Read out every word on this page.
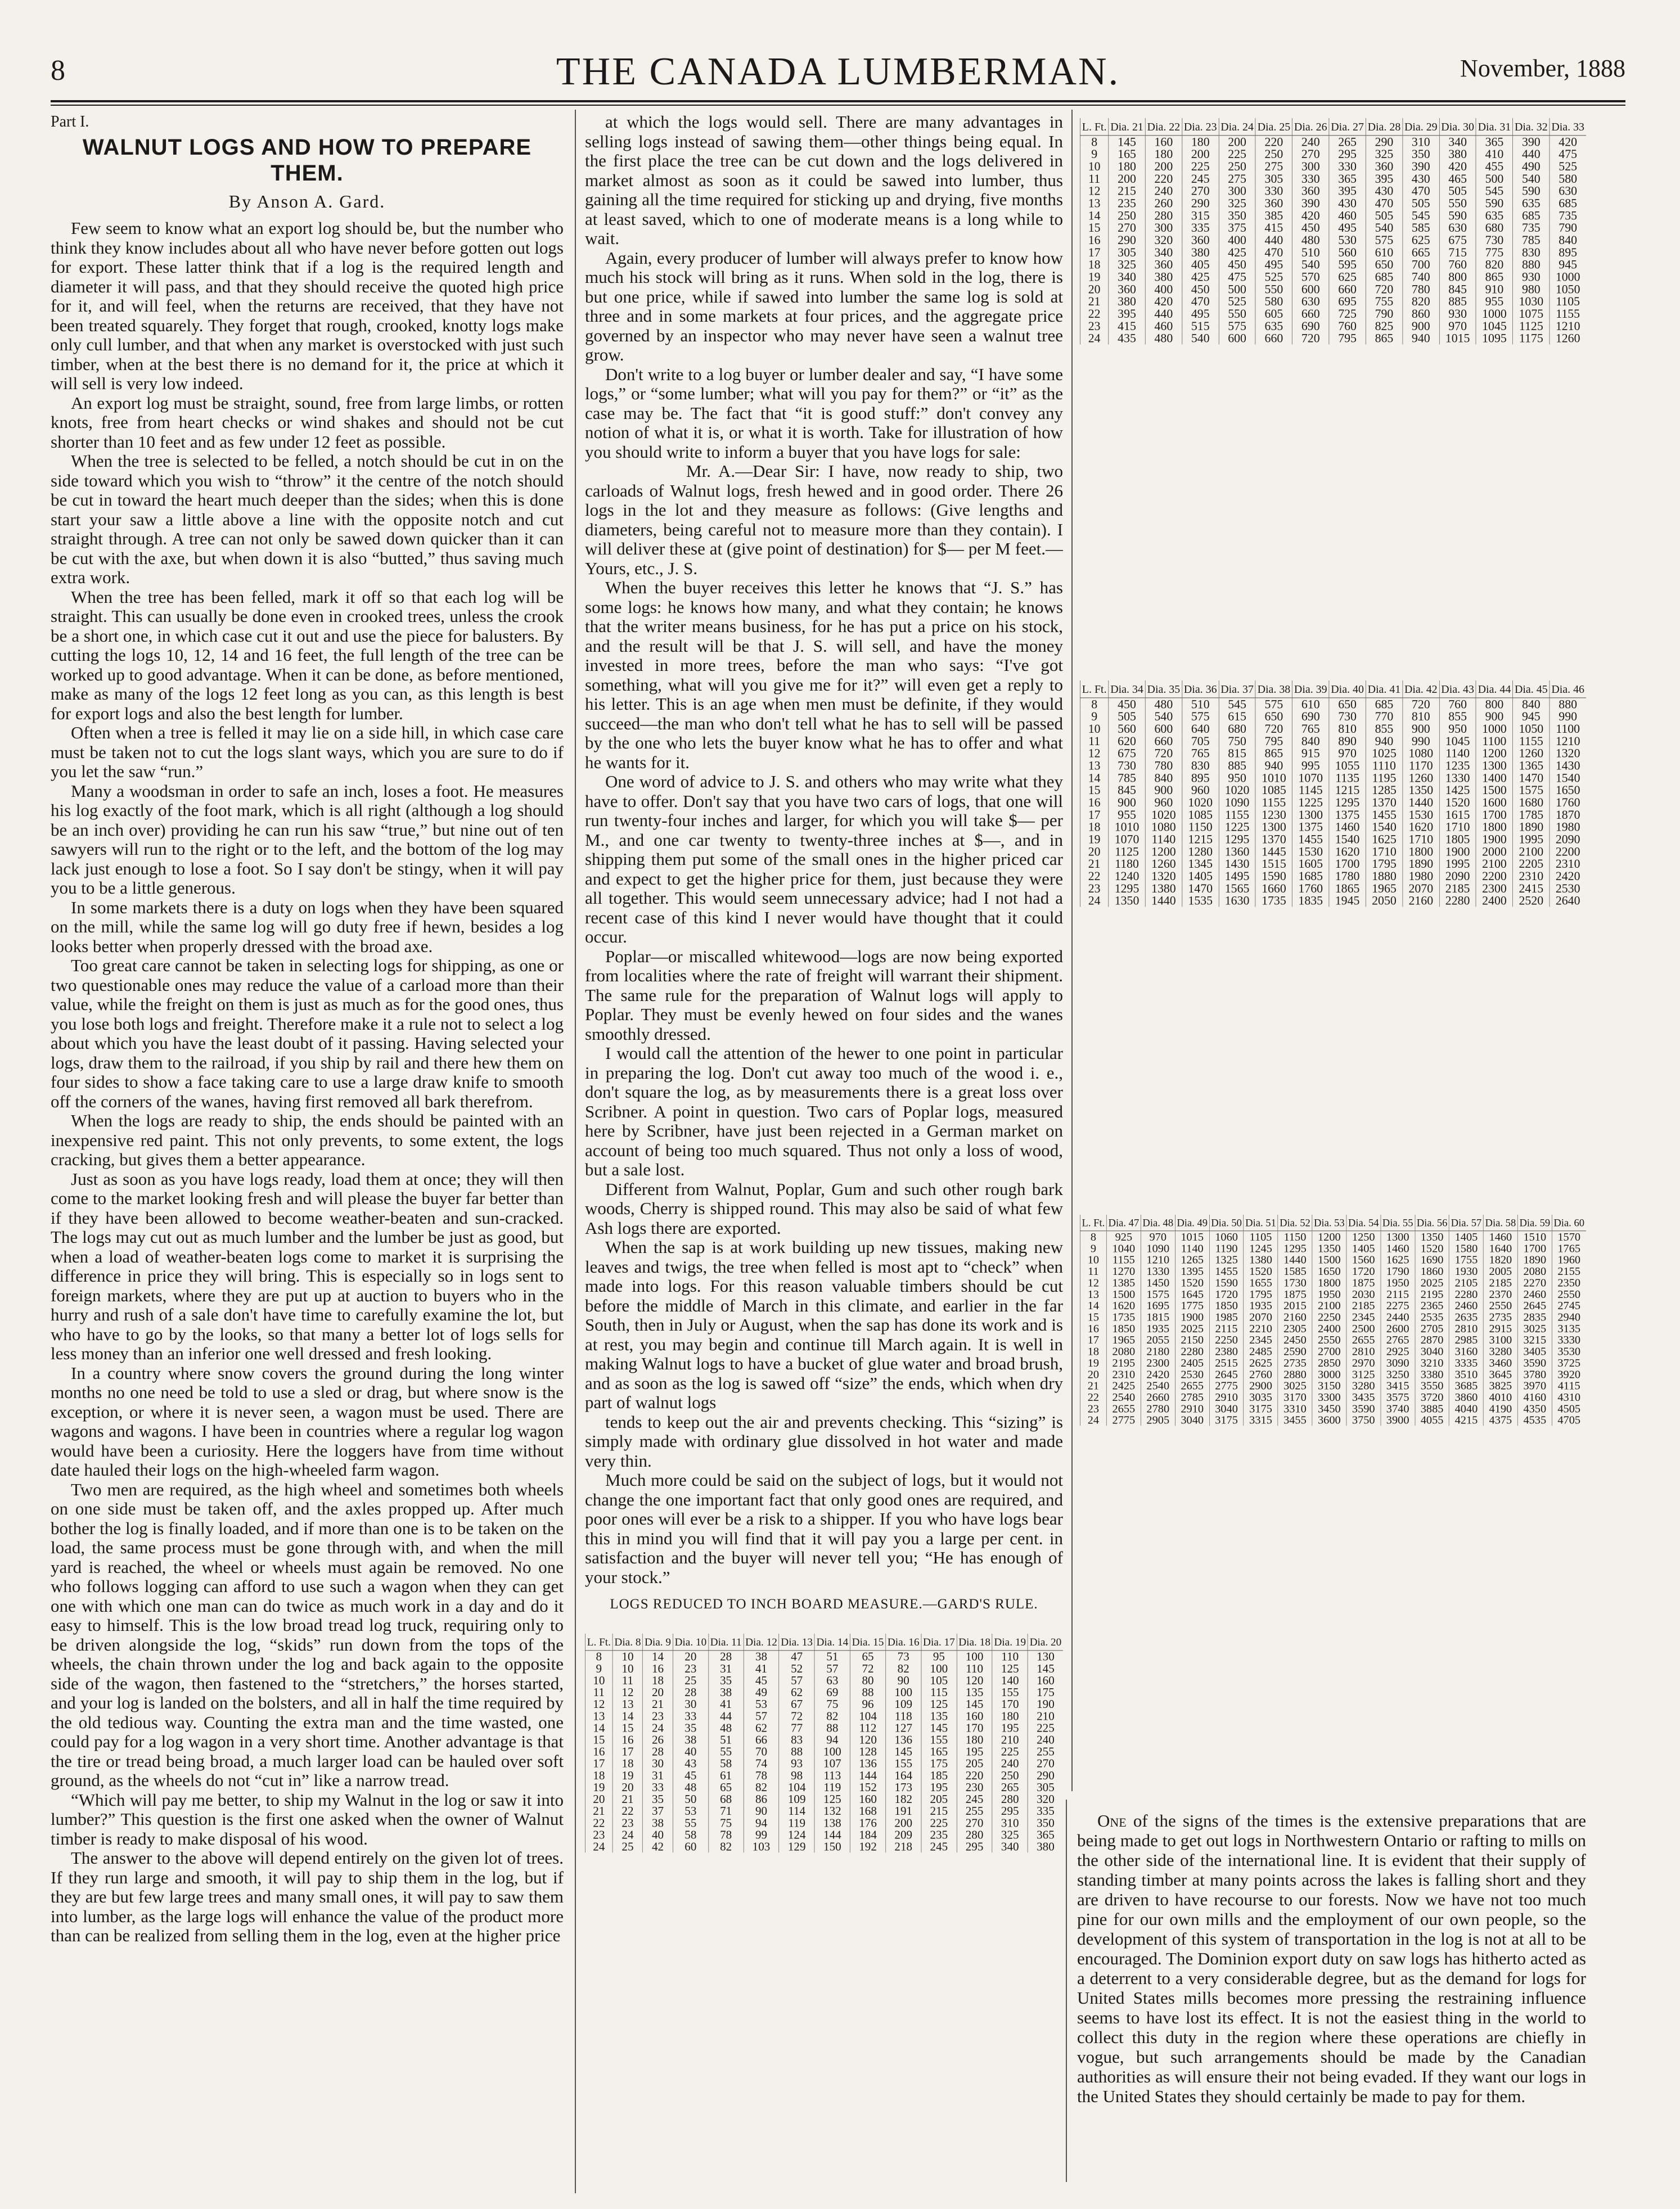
8	THE CANADA LUMBERMAN.	November, 1888
Part I.
WALNUT LOGS AND HOW TO PREPARE
THEM.
By Anson A. Gard.

Few seem to know what an export log should be, but the number who think they know includes about all who have never before gotten out logs for export. These latter think that if a log is the required length and diameter it will pass, and that they should receive the quoted high price for it, and will feel, when the returns are received, that they have not been treated squarely. They forget that rough, crooked, knotty logs make only cull lumber, and that when any market is overstocked with just such timber, when at the best there is no demand for it, the price at which it will sell is very low indeed.

An export log must be straight, sound, free from large limbs, or rotten knots, free from heart checks or wind shakes and should not be cut shorter than 10 feet and as few under 12 feet as possible.

When the tree is selected to be felled, a notch should be cut in on the side toward which you wish to “throw” it the centre of the notch should be cut in toward the heart much deeper than the sides; when this is done start your saw a little above a line with the opposite notch and cut straight through. A tree can not only be sawed down quicker than it can be cut with the axe, but when down it is also “butted,” thus saving much extra work.

When the tree has been felled, mark it off so that each log will be straight. This can usually be done even in crooked trees, unless the crook be a short one, in which case cut it out and use the piece for balusters. By cutting the logs 10, 12, 14 and 16 feet, the full length of the tree can be worked up to good advantage. When it can be done, as before mentioned, make as many of the logs 12 feet long as you can, as this length is best for export logs and also the best length for lumber.

Often when a tree is felled it may lie on a side hill, in which case care must be taken not to cut the logs slant ways, which you are sure to do if you let the saw “run.”

Many a woodsman in order to safe an inch, loses a foot. He measures his log exactly of the foot mark, which is all right (although a log should be an inch over) providing he can run his saw “true,” but nine out of ten sawyers will run to the right or to the left, and the bottom of the log may lack just enough to lose a foot. So I say don't be stingy, when it will pay you to be a little generous.

In some markets there is a duty on logs when they have been squared on the mill, while the same log will go duty free if hewn, besides a log looks better when properly dressed with the broad axe.

Too great care cannot be taken in selecting logs for shipping, as one or two questionable ones may reduce the value of a carload more than their value, while the freight on them is just as much as for the good ones, thus you lose both logs and freight. Therefore make it a rule not to select a log about which you have the least doubt of it passing. Having selected your logs, draw them to the railroad, if you ship by rail and there hew them on four sides to show a face taking care to use a large draw knife to smooth off the corners of the wanes, having first removed all bark therefrom.

When the logs are ready to ship, the ends should be painted with an inexpensive red paint. This not only prevents, to some extent, the logs cracking, but gives them a better appearance.

Just as soon as you have logs ready, load them at once; they will then come to the market looking fresh and will please the buyer far better than if they have been allowed to become weather-beaten and sun-cracked. The logs may cut out as much lumber and the lumber be just as good, but when a load of weather-beaten logs come to market it is surprising the difference in price they will bring. This is especially so in logs sent to foreign markets, where they are put up at auction to buyers who in the hurry and rush of a sale don't have time to carefully examine the lot, but who have to go by the looks, so that many a better lot of logs sells for less money than an inferior one well dressed and fresh looking.

In a country where snow covers the ground during the long winter months no one need be told to use a sled or drag, but where snow is the exception, or where it is never seen, a wagon must be used. There are wagons and wagons. I have been in countries where a regular log wagon would have been a curiosity. Here the loggers have from time without date hauled their logs on the high-wheeled farm wagon.

Two men are required, as the high wheel and sometimes both wheels on one side must be taken off, and the axles propped up. After much bother the log is finally loaded, and if more than one is to be taken on the load, the same process must be gone through with, and when the mill yard is reached, the wheel or wheels must again be removed. No one who follows logging can afford to use such a wagon when they can get one with which one man can do twice as much work in a day and do it easy to himself. This is the low broad tread log truck, requiring only to be driven alongside the log, “skids” run down from the tops of the wheels, the chain thrown under the log and back again to the opposite side of the wagon, then fastened to the “stretchers,” the horses started, and your log is landed on the bolsters, and all in half the time required by the old tedious way. Counting the extra man and the time wasted, one could pay for a log wagon in a very short time. Another advantage is that the tire or tread being broad, a much larger load can be hauled over soft ground, as the wheels do not “cut in” like a narrow tread.

“Which will pay me better, to ship my Walnut in the log or saw it into lumber?” This question is the first one asked when the owner of Walnut timber is ready to make disposal of his wood.

The answer to the above will depend entirely on the given lot of trees. If they run large and smooth, it will pay to ship them in the log, but if they are but few large trees and many small ones, it will pay to saw them into lumber, as the large logs will enhance the value of the product more than can be realized from selling them in the log, even at the higher price

at which the logs would sell. There are many advantages in selling logs instead of sawing them—other things being equal. In the first place the tree can be cut down and the logs delivered in market almost as soon as it could be sawed into lumber, thus gaining all the time required for sticking up and drying, five months at least saved, which to one of moderate means is a long while to wait.

Again, every producer of lumber will always prefer to know how much his stock will bring as it runs. When sold in the log, there is but one price, while if sawed into lumber the same log is sold at three and in some markets at four prices, and the aggregate price governed by an inspector who may never have seen a walnut tree grow.

Don't write to a log buyer or lumber dealer and say, “I have some logs,” or “some lumber; what will you pay for them?” or “it” as the case may be. The fact that “it is good stuff:” don't convey any notion of what it is, or what it is worth. Take for illustration of how you should write to inform a buyer that you have logs for sale:

Mr. A.—Dear Sir: I have, now ready to ship, two carloads of Walnut logs, fresh hewed and in good order. There 26 logs in the lot and they measure as follows: (Give lengths and diameters, being careful not to measure more than they contain). I will deliver these at (give point of destination) for $— per M feet.—Yours, etc., J. S.

When the buyer receives this letter he knows that “J. S.” has some logs: he knows how many, and what they contain; he knows that the writer means business, for he has put a price on his stock, and the result will be that J. S. will sell, and have the money invested in more trees, before the man who says: “I've got something, what will you give me for it?” will even get a reply to his letter. This is an age when men must be definite, if they would succeed—the man who don't tell what he has to sell will be passed by the one who lets the buyer know what he has to offer and what he wants for it.

One word of advice to J. S. and others who may write what they have to offer. Don't say that you have two cars of logs, that one will run twenty-four inches and larger, for which you will take $— per M., and one car twenty to twenty-three inches at $—, and in shipping them put some of the small ones in the higher priced car and expect to get the higher price for them, just because they were all together. This would seem unnecessary advice; had I not had a recent case of this kind I never would have thought that it could occur.

Poplar—or miscalled whitewood—logs are now being exported from localities where the rate of freight will warrant their shipment. The same rule for the preparation of Walnut logs will apply to Poplar. They must be evenly hewed on four sides and the wanes smoothly dressed.

I would call the attention of the hewer to one point in particular in preparing the log. Don't cut away too much of the wood i. e., don't square the log, as by measurements there is a great loss over Scribner. A point in question. Two cars of Poplar logs, measured here by Scribner, have just been rejected in a German market on account of being too much squared. Thus not only a loss of wood, but a sale lost.

Different from Walnut, Poplar, Gum and such other rough bark woods, Cherry is shipped round. This may also be said of what few Ash logs there are exported.

When the sap is at work building up new tissues, making new leaves and twigs, the tree when felled is most apt to “check” when made into logs. For this reason valuable timbers should be cut before the middle of March in this climate, and earlier in the far South, then in July or August, when the sap has done its work and is at rest, you may begin and continue till March again. It is well in making Walnut logs to have a bucket of glue water and broad brush, and as soon as the log is sawed off “size” the ends, which when dry part of walnut logs

tends to keep out the air and prevents checking. This “sizing” is simply made with ordinary glue dissolved in hot water and made very thin.

Much more could be said on the subject of logs, but it would not change the one important fact that only good ones are required, and poor ones will ever be a risk to a shipper. If you who have logs bear this in mind you will find that it will pay you a large per cent. in satisfaction and the buyer will never tell you; “He has enough of your stock.”

LOGS REDUCED TO INCH BOARD MEASURE.—GARD'S RULE.
L. Ft.	Dia. 8	Dia. 9	Dia. 10	Dia. 11	Dia. 12	Dia. 13	Dia. 14	Dia. 15	Dia. 16	Dia. 17	Dia. 18	Dia. 19	Dia. 20
8	10	14	20	28	38	47	51	65	73	95	100	110	130
9	10	16	23	31	41	52	57	72	82	100	110	125	145
10	11	18	25	35	45	57	63	80	90	105	120	140	160
11	12	20	28	38	49	62	69	88	100	115	135	155	175
12	13	21	30	41	53	67	75	96	109	125	145	170	190
13	14	23	33	44	57	72	82	104	118	135	160	180	210
14	15	24	35	48	62	77	88	112	127	145	170	195	225
15	16	26	38	51	66	83	94	120	136	155	180	210	240
16	17	28	40	55	70	88	100	128	145	165	195	225	255
17	18	30	43	58	74	93	107	136	155	175	205	240	270
18	19	31	45	61	78	98	113	144	164	185	220	250	290
19	20	33	48	65	82	104	119	152	173	195	230	265	305
20	21	35	50	68	86	109	125	160	182	205	245	280	320
21	22	37	53	71	90	114	132	168	191	215	255	295	335
22	23	38	55	75	94	119	138	176	200	225	270	310	350
23	24	40	58	78	99	124	144	184	209	235	280	325	365
24	25	42	60	82	103	129	150	192	218	245	295	340	380
L. Ft.	Dia. 21	Dia. 22	Dia. 23	Dia. 24	Dia. 25	Dia. 26	Dia. 27	Dia. 28	Dia. 29	Dia. 30	Dia. 31	Dia. 32	Dia. 33
8	145	160	180	200	220	240	265	290	310	340	365	390	420
9	165	180	200	225	250	270	295	325	350	380	410	440	475
10	180	200	225	250	275	300	330	360	390	420	455	490	525
11	200	220	245	275	305	330	365	395	430	465	500	540	580
12	215	240	270	300	330	360	395	430	470	505	545	590	630
13	235	260	290	325	360	390	430	470	505	550	590	635	685
14	250	280	315	350	385	420	460	505	545	590	635	685	735
15	270	300	335	375	415	450	495	540	585	630	680	735	790
16	290	320	360	400	440	480	530	575	625	675	730	785	840
17	305	340	380	425	470	510	560	610	665	715	775	830	895
18	325	360	405	450	495	540	595	650	700	760	820	880	945
19	340	380	425	475	525	570	625	685	740	800	865	930	1000
20	360	400	450	500	550	600	660	720	780	845	910	980	1050
21	380	420	470	525	580	630	695	755	820	885	955	1030	1105
22	395	440	495	550	605	660	725	790	860	930	1000	1075	1155
23	415	460	515	575	635	690	760	825	900	970	1045	1125	1210
24	435	480	540	600	660	720	795	865	940	1015	1095	1175	1260
L. Ft.	Dia. 34	Dia. 35	Dia. 36	Dia. 37	Dia. 38	Dia. 39	Dia. 40	Dia. 41	Dia. 42	Dia. 43	Dia. 44	Dia. 45	Dia. 46
8	450	480	510	545	575	610	650	685	720	760	800	840	880
9	505	540	575	615	650	690	730	770	810	855	900	945	990
10	560	600	640	680	720	765	810	855	900	950	1000	1050	1100
11	620	660	705	750	795	840	890	940	990	1045	1100	1155	1210
12	675	720	765	815	865	915	970	1025	1080	1140	1200	1260	1320
13	730	780	830	885	940	995	1055	1110	1170	1235	1300	1365	1430
14	785	840	895	950	1010	1070	1135	1195	1260	1330	1400	1470	1540
15	845	900	960	1020	1085	1145	1215	1285	1350	1425	1500	1575	1650
16	900	960	1020	1090	1155	1225	1295	1370	1440	1520	1600	1680	1760
17	955	1020	1085	1155	1230	1300	1375	1455	1530	1615	1700	1785	1870
18	1010	1080	1150	1225	1300	1375	1460	1540	1620	1710	1800	1890	1980
19	1070	1140	1215	1295	1370	1455	1540	1625	1710	1805	1900	1995	2090
20	1125	1200	1280	1360	1445	1530	1620	1710	1800	1900	2000	2100	2200
21	1180	1260	1345	1430	1515	1605	1700	1795	1890	1995	2100	2205	2310
22	1240	1320	1405	1495	1590	1685	1780	1880	1980	2090	2200	2310	2420
23	1295	1380	1470	1565	1660	1760	1865	1965	2070	2185	2300	2415	2530
24	1350	1440	1535	1630	1735	1835	1945	2050	2160	2280	2400	2520	2640
L. Ft.	Dia. 47	Dia. 48	Dia. 49	Dia. 50	Dia. 51	Dia. 52	Dia. 53	Dia. 54	Dia. 55	Dia. 56	Dia. 57	Dia. 58	Dia. 59	Dia. 60
8	925	970	1015	1060	1105	1150	1200	1250	1300	1350	1405	1460	1510	1570
9	1040	1090	1140	1190	1245	1295	1350	1405	1460	1520	1580	1640	1700	1765
10	1155	1210	1265	1325	1380	1440	1500	1560	1625	1690	1755	1820	1890	1960
11	1270	1330	1395	1455	1520	1585	1650	1720	1790	1860	1930	2005	2080	2155
12	1385	1450	1520	1590	1655	1730	1800	1875	1950	2025	2105	2185	2270	2350
13	1500	1575	1645	1720	1795	1875	1950	2030	2115	2195	2280	2370	2460	2550
14	1620	1695	1775	1850	1935	2015	2100	2185	2275	2365	2460	2550	2645	2745
15	1735	1815	1900	1985	2070	2160	2250	2345	2440	2535	2635	2735	2835	2940
16	1850	1935	2025	2115	2210	2305	2400	2500	2600	2705	2810	2915	3025	3135
17	1965	2055	2150	2250	2345	2450	2550	2655	2765	2870	2985	3100	3215	3330
18	2080	2180	2280	2380	2485	2590	2700	2810	2925	3040	3160	3280	3405	3530
19	2195	2300	2405	2515	2625	2735	2850	2970	3090	3210	3335	3460	3590	3725
20	2310	2420	2530	2645	2760	2880	3000	3125	3250	3380	3510	3645	3780	3920
21	2425	2540	2655	2775	2900	3025	3150	3280	3415	3550	3685	3825	3970	4115
22	2540	2660	2785	2910	3035	3170	3300	3435	3575	3720	3860	4010	4160	4310
23	2655	2780	2910	3040	3175	3310	3450	3590	3740	3885	4040	4190	4350	4505
24	2775	2905	3040	3175	3315	3455	3600	3750	3900	4055	4215	4375	4535	4705

One of the signs of the times is the extensive preparations that are being made to get out logs in Northwestern Ontario or rafting to mills on the other side of the international line. It is evident that their supply of standing timber at many points across the lakes is falling short and they are driven to have recourse to our forests. Now we have not too much pine for our own mills and the employment of our own people, so the development of this system of transportation in the log is not at all to be encouraged. The Dominion export duty on saw logs has hitherto acted as a deterrent to a very considerable degree, but as the demand for logs for United States mills becomes more pressing the restraining influence seems to have lost its effect. It is not the easiest thing in the world to collect this duty in the region where these operations are chiefly in vogue, but such arrangements should be made by the Canadian authorities as will ensure their not being evaded. If they want our logs in the United States they should certainly be made to pay for them.
